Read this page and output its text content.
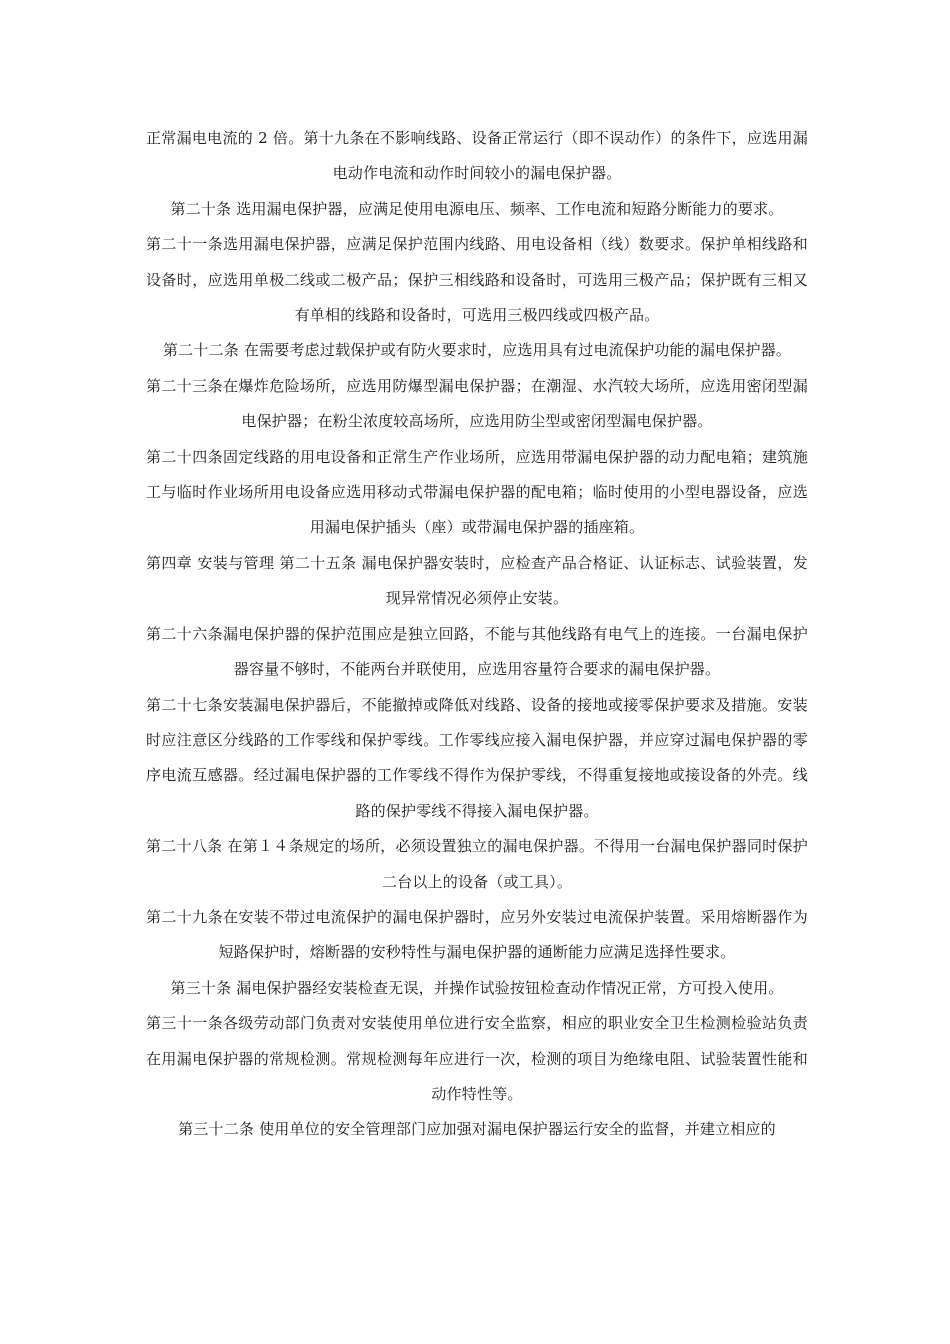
正常漏电电流的 2 倍。第十九条在不影响线路、设备正常运行（即不误动作）的条件下，应选用漏电动作电流和动作时间较小的漏电保护器。

第二十条 选用漏电保护器，应满足使用电源电压、频率、工作电流和短路分断能力的要求。

第二十一条选用漏电保护器，应满足保护范围内线路、用电设备相（线）数要求。保护单相线路和设备时，应选用单极二线或二极产品；保护三相线路和设备时，可选用三极产品；保护既有三相又有单相的线路和设备时，可选用三极四线或四极产品。

第二十二条 在需要考虑过载保护或有防火要求时，应选用具有过电流保护功能的漏电保护器。

第二十三条在爆炸危险场所，应选用防爆型漏电保护器；在潮湿、水汽较大场所，应选用密闭型漏电保护器；在粉尘浓度较高场所，应选用防尘型或密闭型漏电保护器。

第二十四条固定线路的用电设备和正常生产作业场所，应选用带漏电保护器的动力配电箱；建筑施工与临时作业场所用电设备应选用移动式带漏电保护器的配电箱；临时使用的小型电器设备，应选用漏电保护插头（座）或带漏电保护器的插座箱。

第四章 安装与管理 第二十五条 漏电保护器安装时，应检查产品合格证、认证标志、试验装置，发现异常情况必须停止安装。

第二十六条漏电保护器的保护范围应是独立回路，不能与其他线路有电气上的连接。一台漏电保护器容量不够时，不能两台并联使用，应选用容量符合要求的漏电保护器。

第二十七条安装漏电保护器后，不能撤掉或降低对线路、设备的接地或接零保护要求及措施。安装时应注意区分线路的工作零线和保护零线。工作零线应接入漏电保护器，并应穿过漏电保护器的零序电流互感器。经过漏电保护器的工作零线不得作为保护零线，不得重复接地或接设备的外壳。线路的保护零线不得接入漏电保护器。

第二十八条 在第１４条规定的场所，必须设置独立的漏电保护器。不得用一台漏电保护器同时保护二台以上的设备（或工具）。

第二十九条在安装不带过电流保护的漏电保护器时，应另外安装过电流保护装置。采用熔断器作为短路保护时，熔断器的安秒特性与漏电保护器的通断能力应满足选择性要求。

第三十条 漏电保护器经安装检查无误，并操作试验按钮检查动作情况正常，方可投入使用。

第三十一条各级劳动部门负责对安装使用单位进行安全监察，相应的职业安全卫生检测检验站负责在用漏电保护器的常规检测。常规检测每年应进行一次，检测的项目为绝缘电阻、试验装置性能和动作特性等。

第三十二条 使用单位的安全管理部门应加强对漏电保护器运行安全的监督，并建立相应的
